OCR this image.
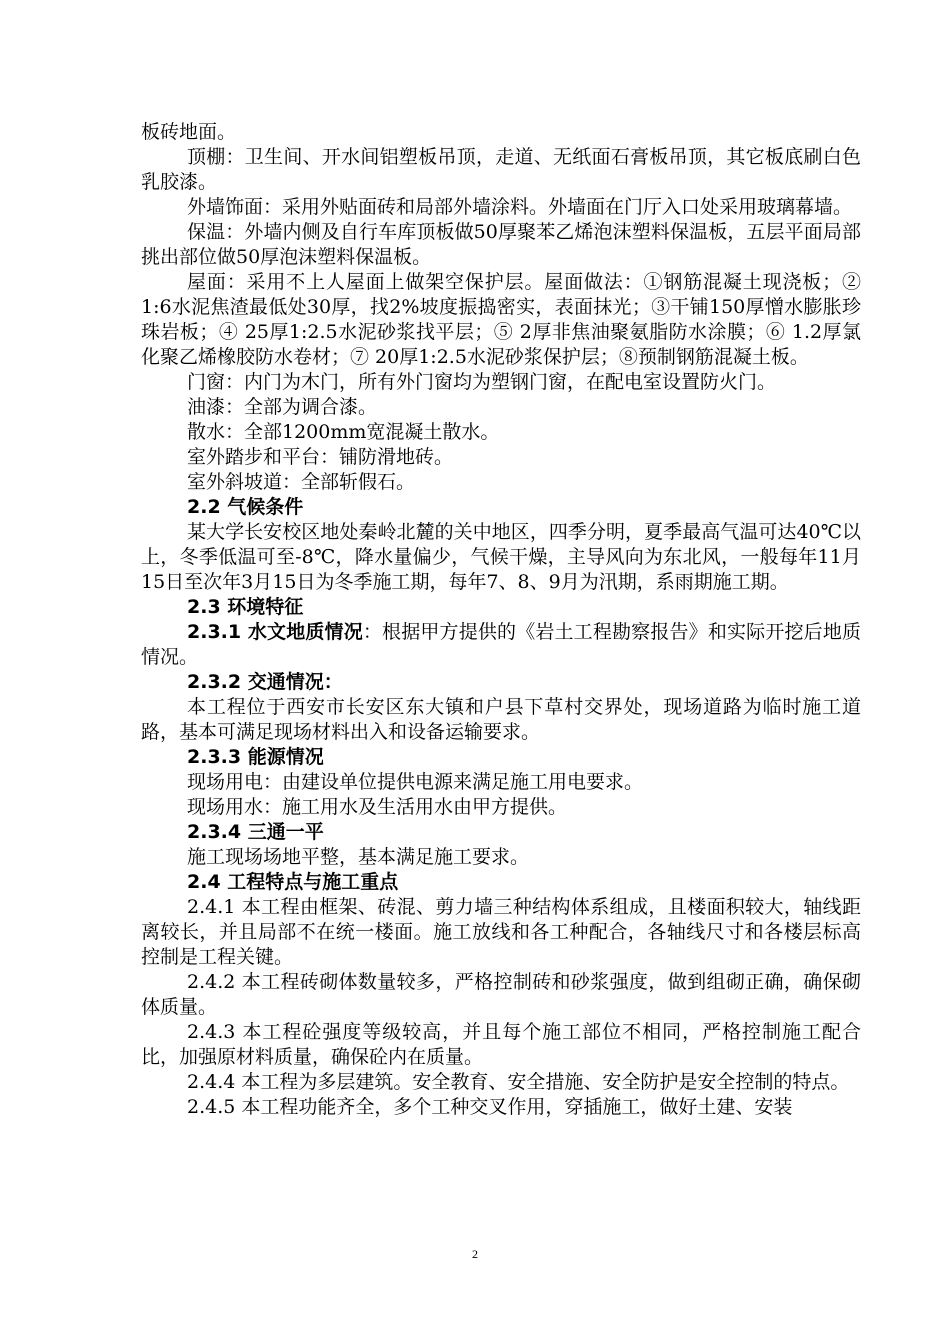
板砖地面。

顶棚：卫生间、开水间铝塑板吊顶，走道、无纸面石膏板吊顶，其它板底刷白色乳胶漆。

外墙饰面：采用外贴面砖和局部外墙涂料。外墙面在门厅入口处采用玻璃幕墙。

保温：外墙内侧及自行车库顶板做50厚聚苯乙烯泡沫塑料保温板，五层平面局部挑出部位做50厚泡沫塑料保温板。

屋面：采用不上人屋面上做架空保护层。屋面做法：①钢筋混凝土现浇板；② 1:6水泥焦渣最低处30厚，找2%坡度振捣密实，表面抹光；③干铺150厚憎水膨胀珍珠岩板；④ 25厚1:2.5水泥砂浆找平层；⑤ 2厚非焦油聚氨脂防水涂膜；⑥ 1.2厚氯化聚乙烯橡胶防水卷材；⑦ 20厚1:2.5水泥砂浆保护层；⑧预制钢筋混凝土板。

门窗：内门为木门，所有外门窗均为塑钢门窗，在配电室设置防火门。

油漆：全部为调合漆。

散水：全部1200mm宽混凝土散水。

室外踏步和平台：铺防滑地砖。

室外斜坡道：全部斩假石。

2.2 气候条件

某大学长安校区地处秦岭北麓的关中地区，四季分明，夏季最高气温可达40℃以上，冬季低温可至-8℃，降水量偏少，气候干燥，主导风向为东北风，一般每年11月15日至次年3月15日为冬季施工期，每年7、8、9月为汛期，系雨期施工期。

2.3 环境特征

2.3.1 水文地质情况：根据甲方提供的《岩土工程勘察报告》和实际开挖后地质情况。

2.3.2 交通情况：

本工程位于西安市长安区东大镇和户县下草村交界处，现场道路为临时施工道路，基本可满足现场材料出入和设备运输要求。

2.3.3 能源情况

现场用电：由建设单位提供电源来满足施工用电要求。

现场用水：施工用水及生活用水由甲方提供。

2.3.4 三通一平

施工现场场地平整，基本满足施工要求。

2.4 工程特点与施工重点

2.4.1 本工程由框架、砖混、剪力墙三种结构体系组成，且楼面积较大，轴线距离较长，并且局部不在统一楼面。施工放线和各工种配合，各轴线尺寸和各楼层标高控制是工程关键。

2.4.2 本工程砖砌体数量较多，严格控制砖和砂浆强度，做到组砌正确，确保砌体质量。

2.4.3 本工程砼强度等级较高，并且每个施工部位不相同，严格控制施工配合比，加强原材料质量，确保砼内在质量。

2.4.4 本工程为多层建筑。安全教育、安全措施、安全防护是安全控制的特点。

2.4.5 本工程功能齐全，多个工种交叉作用，穿插施工，做好土建、安装

2
